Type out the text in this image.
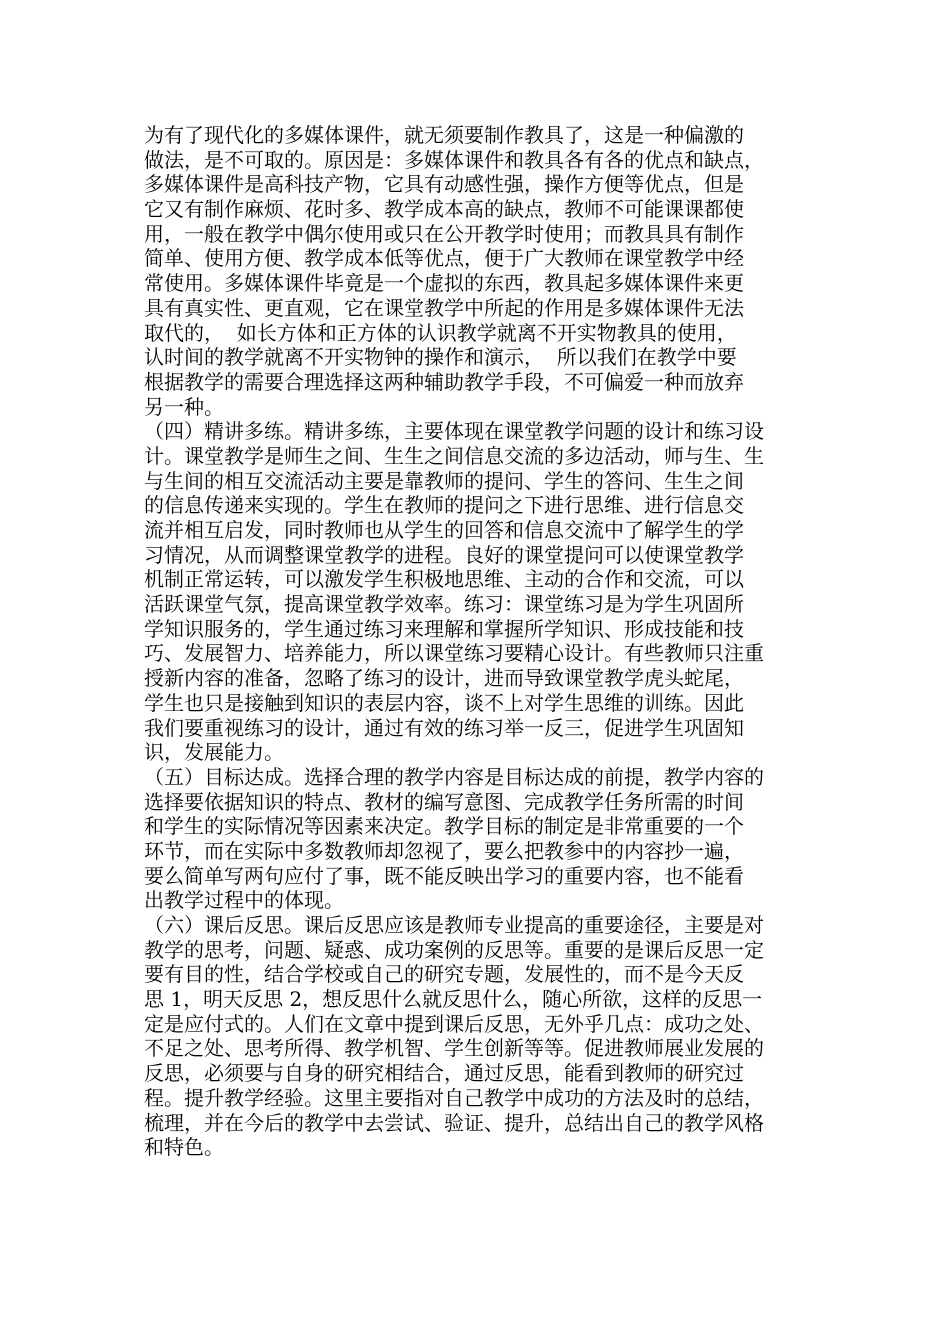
为有了现代化的多媒体课件，就无须要制作教具了，这是一种偏激的
做法，是不可取的。原因是：多媒体课件和教具各有各的优点和缺点，
多媒体课件是高科技产物，它具有动感性强，操作方便等优点，但是
它又有制作麻烦、花时多、教学成本高的缺点，教师不可能课课都使
用，一般在教学中偶尔使用或只在公开教学时使用；而教具具有制作
简单、使用方便、教学成本低等优点，便于广大教师在课堂教学中经
常使用。多媒体课件毕竟是一个虚拟的东西，教具起多媒体课件来更
具有真实性、更直观，它在课堂教学中所起的作用是多媒体课件无法
取代的，  如长方体和正方体的认识教学就离不开实物教具的使用，
认时间的教学就离不开实物钟的操作和演示，  所以我们在教学中要
根据教学的需要合理选择这两种辅助教学手段，不可偏爱一种而放弃
另一种。
（四）精讲多练。精讲多练，主要体现在课堂教学问题的设计和练习设
计。课堂教学是师生之间、生生之间信息交流的多边活动，师与生、生
与生间的相互交流活动主要是靠教师的提问、学生的答问、生生之间
的信息传递来实现的。学生在教师的提问之下进行思维、进行信息交
流并相互启发，同时教师也从学生的回答和信息交流中了解学生的学
习情况，从而调整课堂教学的进程。良好的课堂提问可以使课堂教学
机制正常运转，可以激发学生积极地思维、主动的合作和交流，可以
活跃课堂气氛，提高课堂教学效率。练习：课堂练习是为学生巩固所
学知识服务的，学生通过练习来理解和掌握所学知识、形成技能和技
巧、发展智力、培养能力，所以课堂练习要精心设计。有些教师只注重
授新内容的准备，忽略了练习的设计，进而导致课堂教学虎头蛇尾，
学生也只是接触到知识的表层内容，谈不上对学生思维的训练。因此
我们要重视练习的设计，通过有效的练习举一反三，促进学生巩固知
识，发展能力。
（五）目标达成。选择合理的教学内容是目标达成的前提，教学内容的
选择要依据知识的特点、教材的编写意图、完成教学任务所需的时间
和学生的实际情况等因素来决定。教学目标的制定是非常重要的一个
环节，而在实际中多数教师却忽视了，要么把教参中的内容抄一遍，
要么简单写两句应付了事，既不能反映出学习的重要内容，也不能看
出教学过程中的体现。
（六）课后反思。课后反思应该是教师专业提高的重要途径，主要是对
教学的思考，问题、疑惑、成功案例的反思等。重要的是课后反思一定
要有目的性，结合学校或自己的研究专题，发展性的，而不是今天反
思 1，明天反思 2，想反思什么就反思什么，随心所欲，这样的反思一
定是应付式的。人们在文章中提到课后反思，无外乎几点：成功之处、
不足之处、思考所得、教学机智、学生创新等等。促进教师展业发展的
反思，必须要与自身的研究相结合，通过反思，能看到教师的研究过
程。提升教学经验。这里主要指对自己教学中成功的方法及时的总结，
梳理，并在今后的教学中去尝试、验证、提升，总结出自己的教学风格
和特色。
